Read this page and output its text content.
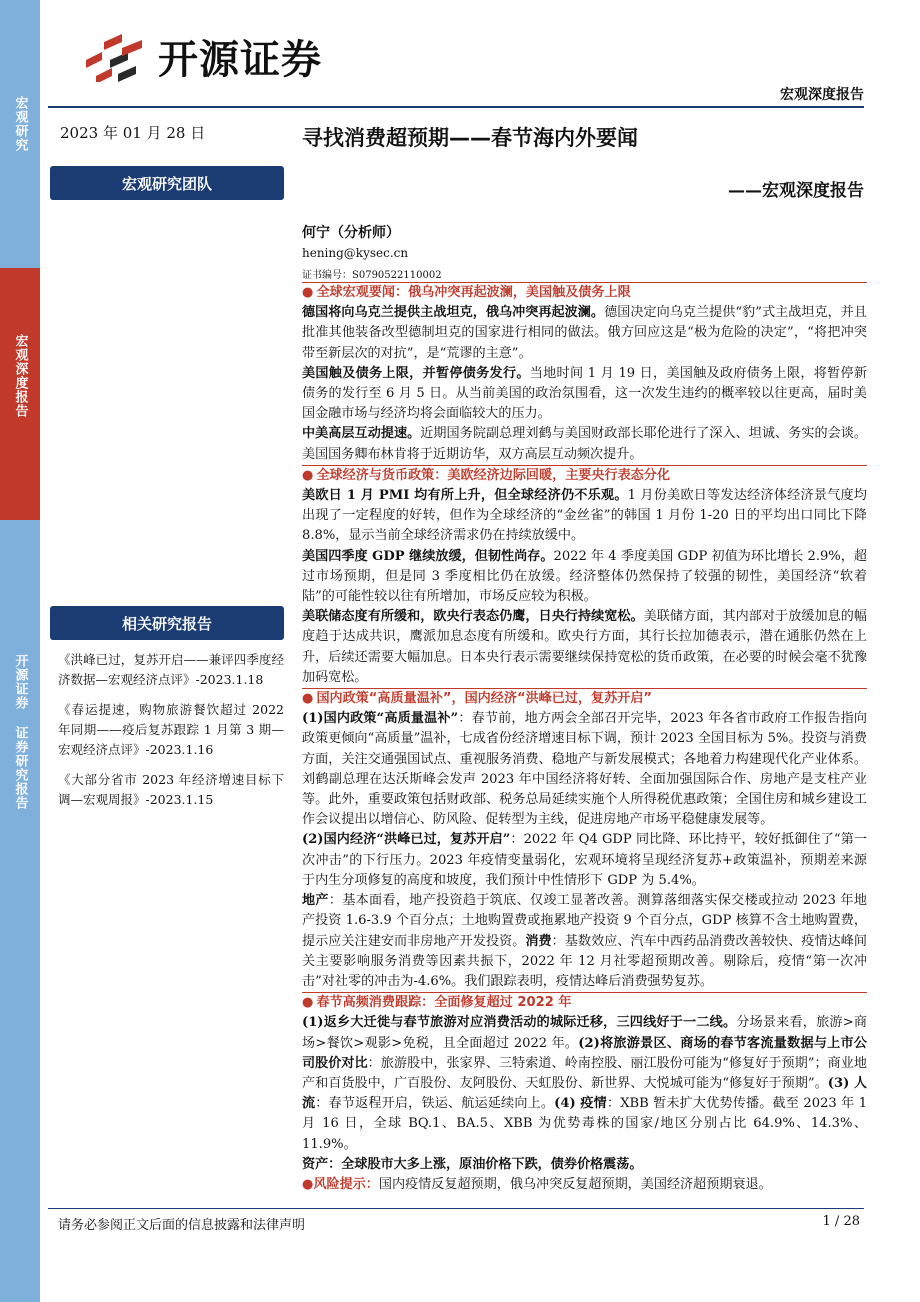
宏观研究
宏观深度报告
开源证券 证券研究报告
开源证券
宏观深度报告
2023 年 01 月 28 日	寻找消费超预期——春节海内外要闻
——宏观深度报告
宏观研究团队
何宁（分析师）
hening@kysec.cn
证书编号：S0790522110002

● 全球宏观要闻：俄乌冲突再起波澜，美国触及债务上限

德国将向乌克兰提供主战坦克，俄乌冲突再起波澜。德国决定向乌克兰提供“豹”式主战坦克，并且批准其他装备改型德制坦克的国家进行相同的做法。俄方回应这是“极为危险的决定”，“将把冲突带至新层次的对抗”，是“荒谬的主意”。

美国触及债务上限，并暂停债务发行。当地时间 1 月 19 日，美国触及政府债务上限，将暂停新债务的发行至 6 月 5 日。从当前美国的政治氛围看，这一次发生违约的概率较以往更高，届时美国金融市场与经济均将会面临较大的压力。

中美高层互动提速。近期国务院副总理刘鹤与美国财政部长耶伦进行了深入、坦诚、务实的会谈。美国国务卿布林肯将于近期访华，双方高层互动频次提升。

● 全球经济与货币政策：美欧经济边际回暖，主要央行表态分化

美欧日 1 月 PMI 均有所上升，但全球经济仍不乐观。1 月份美欧日等发达经济体经济景气度均出现了一定程度的好转，但作为全球经济的“金丝雀”的韩国 1 月份 1-20 日的平均出口同比下降 8.8%，显示当前全球经济需求仍在持续放缓中。

美国四季度 GDP 继续放缓，但韧性尚存。2022 年 4 季度美国 GDP 初值为环比增长 2.9%，超过市场预期，但是同 3 季度相比仍在放缓。经济整体仍然保持了较强的韧性，美国经济“软着陆”的可能性较以往有所增加，市场反应较为积极。

美联储态度有所缓和，欧央行表态仍鹰，日央行持续宽松。美联储方面，其内部对于放缓加息的幅度趋于达成共识，鹰派加息态度有所缓和。欧央行方面，其行长拉加德表示，潜在通胀仍然在上升，后续还需要大幅加息。日本央行表示需要继续保持宽松的货币政策，在必要的时候会毫不犹豫加码宽松。

● 国内政策“高质量温补”，国内经济“洪峰已过，复苏开启”

(1)国内政策“高质量温补”：春节前，地方两会全部召开完毕，2023 年各省市政府工作报告指向政策更倾向“高质量”温补，七成省份经济增速目标下调，预计 2023 全国目标为 5%。投资与消费方面，关注交通强国试点、重视服务消费、稳地产与新发展模式；各地着力构建现代化产业体系。刘鹤副总理在达沃斯峰会发声 2023 年中国经济将好转、全面加强国际合作、房地产是支柱产业等。此外，重要政策包括财政部、税务总局延续实施个人所得税优惠政策；全国住房和城乡建设工作会议提出以增信心、防风险、促转型为主线，促进房地产市场平稳健康发展等。

(2)国内经济“洪峰已过，复苏开启”：2022 年 Q4 GDP 同比降、环比持平，较好抵御住了“第一次冲击”的下行压力。2023 年疫情变量弱化，宏观环境将呈现经济复苏+政策温补，预期差来源于内生分项修复的高度和坡度，我们预计中性情形下 GDP 为 5.4%。

地产：基本面看，地产投资趋于筑底、仅竣工显著改善。测算落细落实保交楼或拉动 2023 年地产投资 1.6-3.9 个百分点；土地购置费或拖累地产投资 9 个百分点，GDP 核算不含土地购置费，提示应关注建安而非房地产开发投资。消费：基数效应、汽车中西药品消费改善较快、疫情达峰间关主要影响服务消费等因素共振下，2022 年 12 月社零超预期改善。剔除后，疫情“第一次冲击”对社零的冲击为-4.6%。我们跟踪表明，疫情达峰后消费强势复苏。

● 春节高频消费跟踪：全面修复超过 2022 年

(1)返乡大迁徙与春节旅游对应消费活动的城际迁移，三四线好于一二线。分场景来看，旅游>商场>餐饮>观影>免税，且全面超过 2022 年。(2)将旅游景区、商场的春节客流量数据与上市公司股价对比：旅游股中，张家界、三特索道、岭南控股、丽江股份可能为“修复好于预期”；商业地产和百货股中，广百股份、友阿股份、天虹股份、新世界、大悦城可能为“修复好于预期”。(3) 人流：春节返程开启，铁运、航运延续向上。(4) 疫情：XBB 暂未扩大优势传播。截至 2023 年 1 月 16 日，全球 BQ.1、BA.5、XBB 为优势毒株的国家/地区分别占比 64.9%、14.3%、11.9%。

资产：全球股市大多上涨，原油价格下跌，债券价格震荡。

●风险提示：国内疫情反复超预期，俄乌冲突反复超预期，美国经济超预期衰退。

相关研究报告
《洪峰已过，复苏开启——兼评四季度经济数据—宏观经济点评》-2023.1.18
《春运提速，购物旅游餐饮超过 2022 年同期——疫后复苏跟踪 1 月第 3 期—宏观经济点评》-2023.1.16
《大部分省市 2023 年经济增速目标下调—宏观周报》-2023.1.15
请务必参阅正文后面的信息披露和法律声明	1 / 28
